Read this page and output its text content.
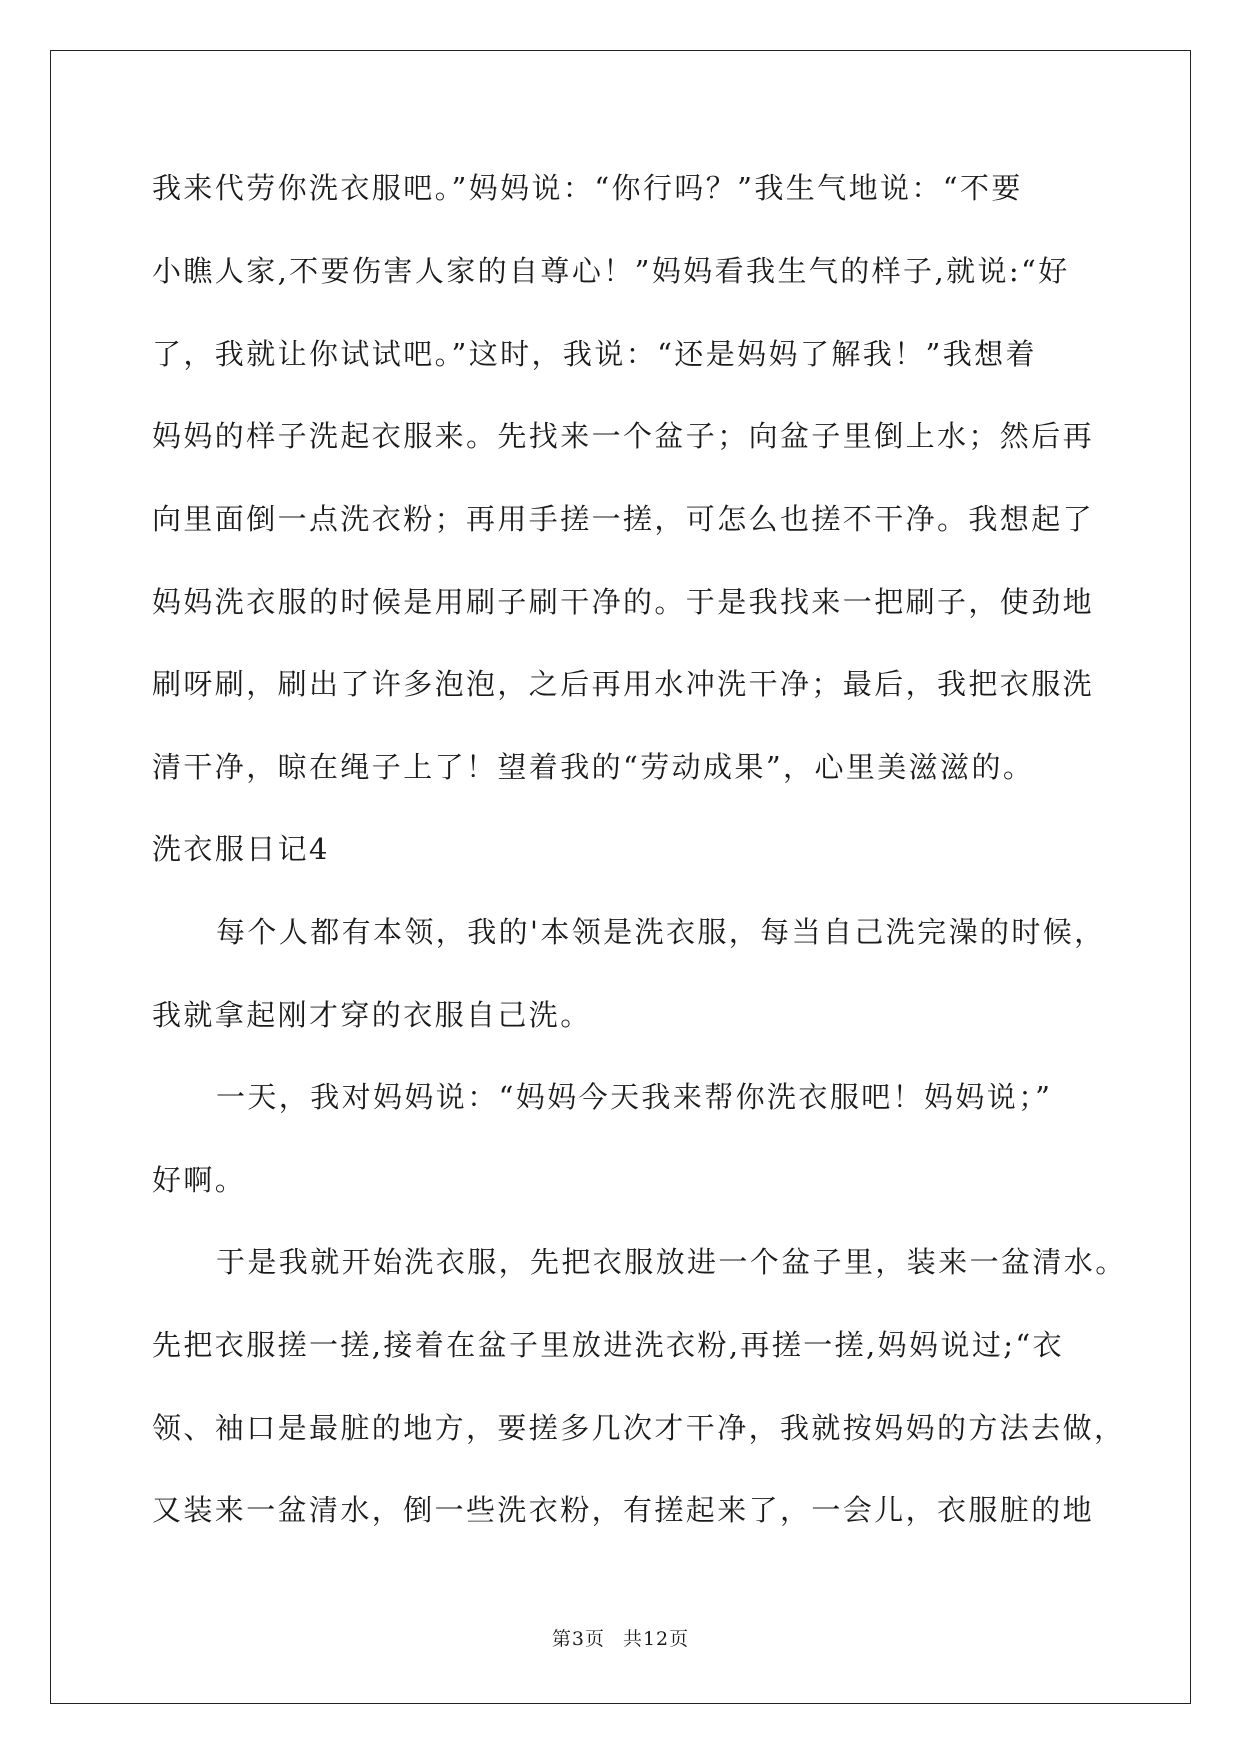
我来代劳你洗衣服吧。”妈妈说：“你行吗？”我生气地说：“不要
小瞧人家,不要伤害人家的自尊心！”妈妈看我生气的样子,就说:“好
了，我就让你试试吧。”这时，我说：“还是妈妈了解我！”我想着
妈妈的样子洗起衣服来。先找来一个盆子；向盆子里倒上水；然后再
向里面倒一点洗衣粉；再用手搓一搓，可怎么也搓不干净。我想起了
妈妈洗衣服的时候是用刷子刷干净的。于是我找来一把刷子，使劲地
刷呀刷，刷出了许多泡泡，之后再用水冲洗干净；最后，我把衣服洗
清干净，晾在绳子上了！望着我的“劳动成果”，心里美滋滋的。
洗衣服日记4
每个人都有本领，我的'本领是洗衣服，每当自己洗完澡的时候，
我就拿起刚才穿的衣服自己洗。
一天，我对妈妈说：“妈妈今天我来帮你洗衣服吧！妈妈说；”
好啊。
于是我就开始洗衣服，先把衣服放进一个盆子里，装来一盆清水。
先把衣服搓一搓,接着在盆子里放进洗衣粉,再搓一搓,妈妈说过;“衣
领、袖口是最脏的地方，要搓多几次才干净，我就按妈妈的方法去做，
又装来一盆清水，倒一些洗衣粉，有搓起来了，一会儿，衣服脏的地
第3页 共12页
